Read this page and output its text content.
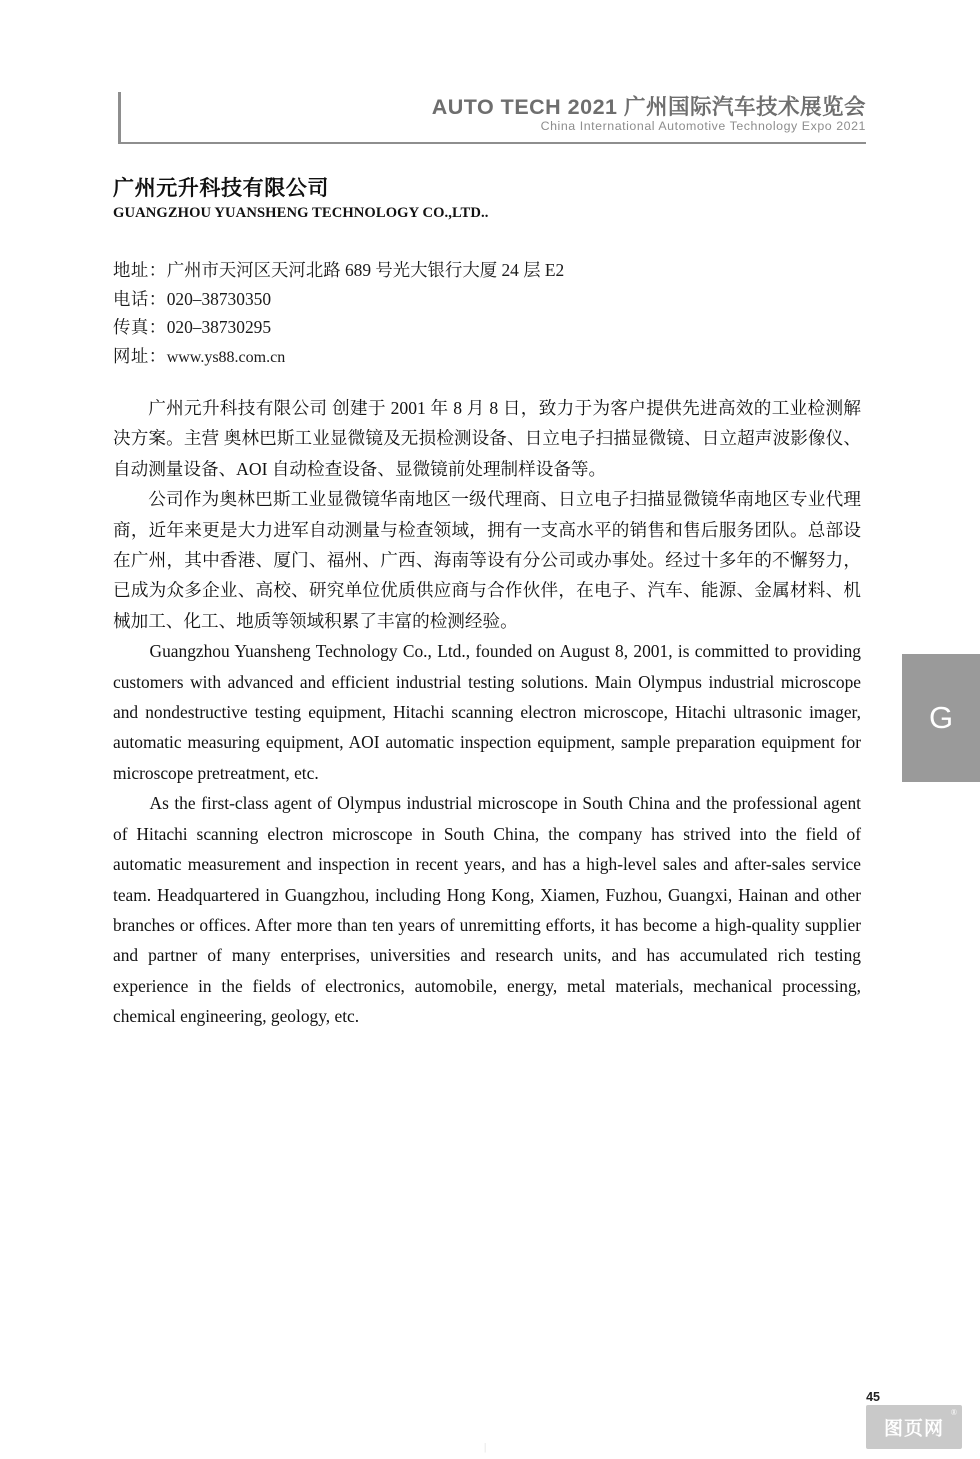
AUTO TECH 2021 广州国际汽车技术展览会
China International Automotive Technology Expo 2021
广州元升科技有限公司
GUANGZHOU YUANSHENG TECHNOLOGY CO.,LTD..
地址：广州市天河区天河北路 689 号光大银行大厦 24 层 E2
电话：020–38730350
传真：020–38730295
网址：www.ys88.com.cn

广州元升科技有限公司 创建于 2001 年 8 月 8 日，致力于为客户提供先进高效的工业检测解决方案。主营 奥林巴斯工业显微镜及无损检测设备、日立电子扫描显微镜、日立超声波影像仪、自动测量设备、AOI 自动检查设备、显微镜前处理制样设备等。

公司作为奥林巴斯工业显微镜华南地区一级代理商、日立电子扫描显微镜华南地区专业代理商，近年来更是大力进军自动测量与检查领域，拥有一支高水平的销售和售后服务团队。总部设在广州，其中香港、厦门、福州、广西、海南等设有分公司或办事处。经过十多年的不懈努力，已成为众多企业、高校、研究单位优质供应商与合作伙伴，在电子、汽车、能源、金属材料、机械加工、化工、地质等领域积累了丰富的检测经验。

Guangzhou Yuansheng Technology Co., Ltd., founded on August 8, 2001, is committed to providing customers with advanced and efficient industrial testing solutions. Main Olympus industrial microscope and nondestructive testing equipment, Hitachi scanning electron microscope, Hitachi ultrasonic imager, automatic measuring equipment, AOI automatic inspection equipment, sample preparation equipment for microscope pretreatment, etc.

As the first-class agent of Olympus industrial microscope in South China and the professional agent of Hitachi scanning electron microscope in South China, the company has strived into the field of automatic measurement and inspection in recent years, and has a high-level sales and after-sales service team. Headquartered in Guangzhou, including Hong Kong, Xiamen, Fuzhou, Guangxi, Hainan and other branches or offices. After more than ten years of unremitting efforts, it has become a high-quality supplier and partner of many enterprises, universities and research units, and has accumulated rich testing experience in the fields of electronics, automobile, energy, metal materials, mechanical processing, chemical engineering, geology, etc.

G
45
|
图页网
®
